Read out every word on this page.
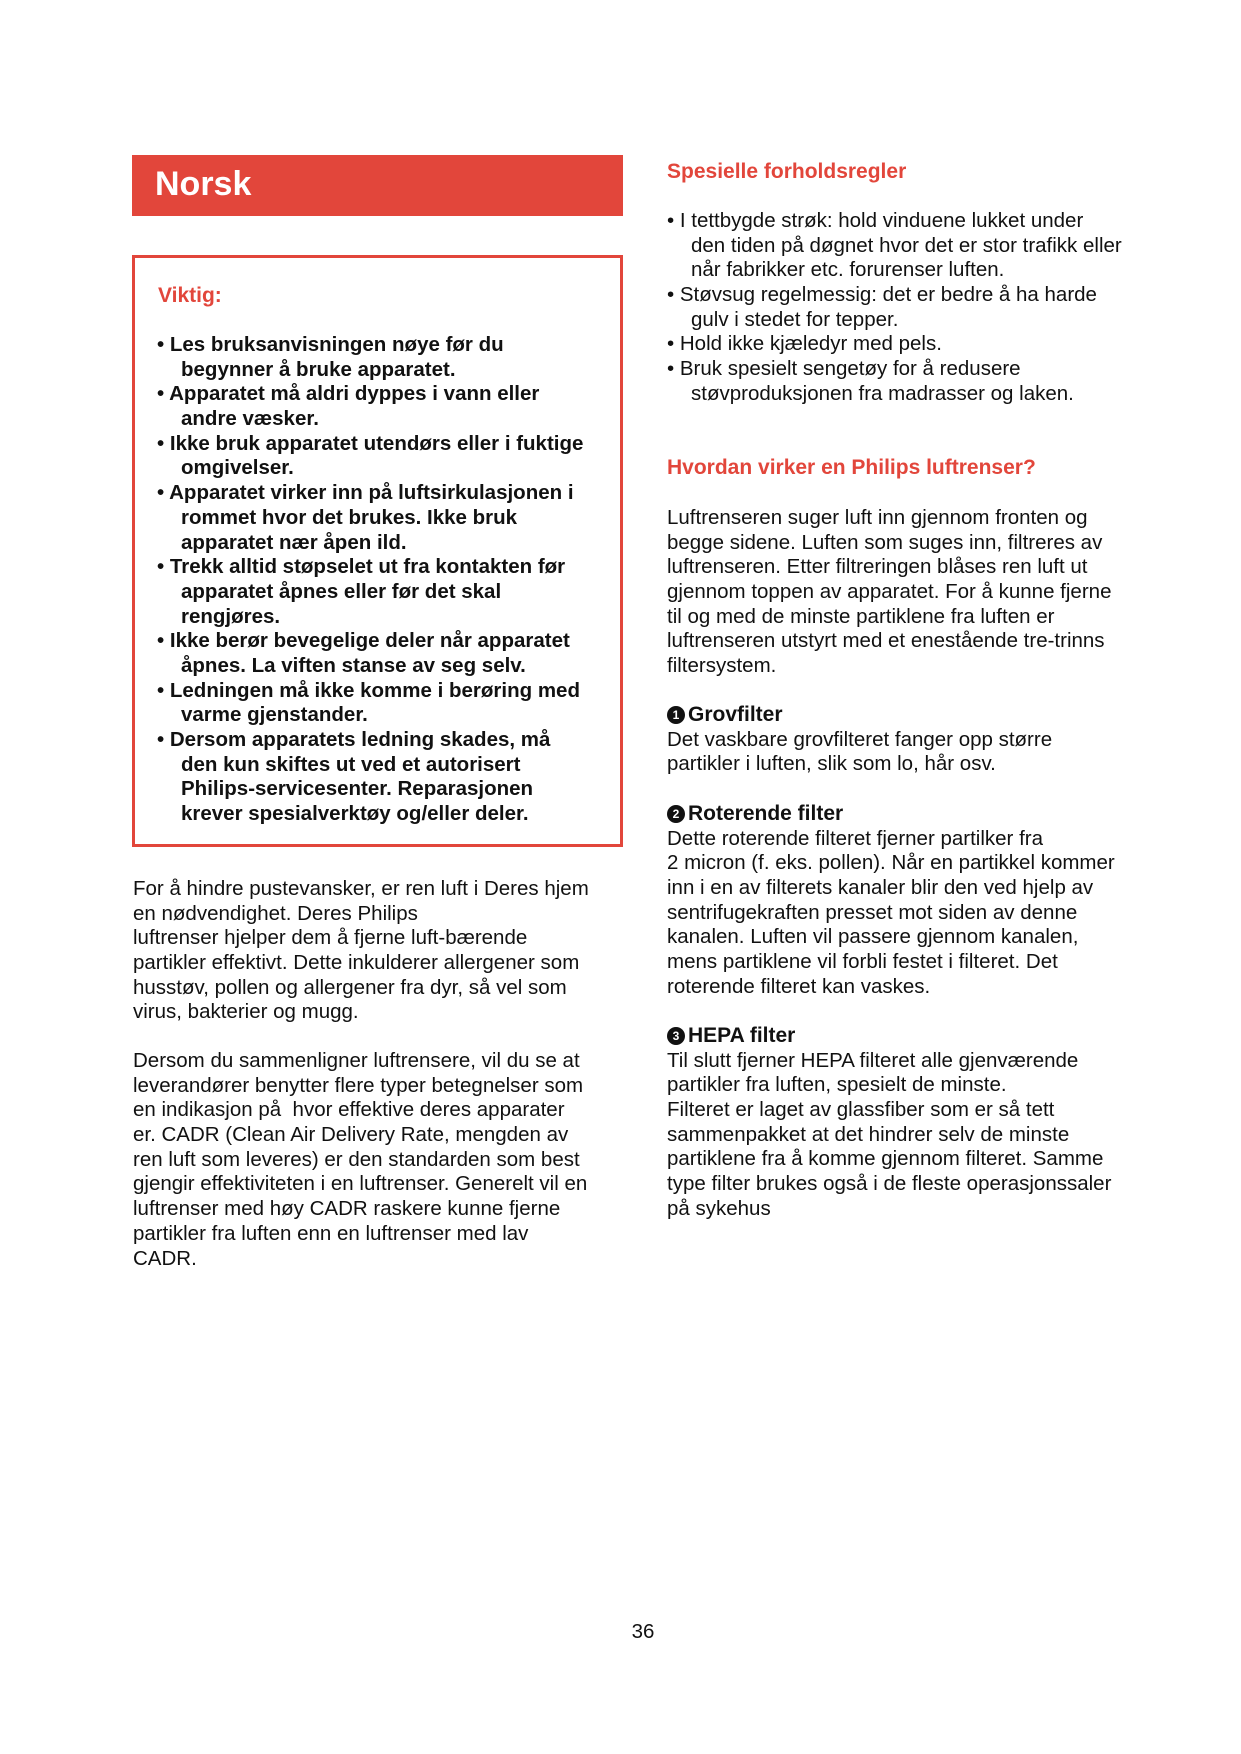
Norsk
Viktig:
• Les bruksanvisningen nøye før du
begynner å bruke apparatet.
• Apparatet må aldri dyppes i vann eller
andre væsker.
• Ikke bruk apparatet utendørs eller i fuktige
omgivelser.
• Apparatet virker inn på luftsirkulasjonen i
rommet hvor det brukes. Ikke bruk
apparatet nær åpen ild.
• Trekk alltid støpselet ut fra kontakten før
apparatet åpnes eller før det skal
rengjøres.
• Ikke berør bevegelige deler når apparatet
åpnes. La viften stanse av seg selv.
• Ledningen må ikke komme i berøring med
varme gjenstander.
• Dersom apparatets ledning skades, må
den kun skiftes ut ved et autorisert
Philips-servicesenter. Reparasjonen
krever spesialverktøy og/eller deler.
For å hindre pustevansker, er ren luft i Deres hjem
en nødvendighet. Deres Philips
luftrenser hjelper dem å fjerne luft-bærende
partikler effektivt. Dette inkulderer allergener som
husstøv, pollen og allergener fra dyr, så vel som
virus, bakterier og mugg.
Dersom du sammenligner luftrensere, vil du se at
leverandører benytter flere typer betegnelser som
en indikasjon på  hvor effektive deres apparater
er. CADR (Clean Air Delivery Rate, mengden av
ren luft som leveres) er den standarden som best
gjengir effektiviteten i en luftrenser. Generelt vil en
luftrenser med høy CADR raskere kunne fjerne
partikler fra luften enn en luftrenser med lav
CADR.
Spesielle forholdsregler
• I tettbygde strøk: hold vinduene lukket under
den tiden på døgnet hvor det er stor trafikk eller
når fabrikker etc. forurenser luften.
• Støvsug regelmessig: det er bedre å ha harde
gulv i stedet for tepper.
• Hold ikke kjæledyr med pels.
• Bruk spesielt sengetøy for å redusere
støvproduksjonen fra madrasser og laken.
Hvordan virker en Philips luftrenser?
Luftrenseren suger luft inn gjennom fronten og
begge sidene. Luften som suges inn, filtreres av
luftrenseren. Etter filtreringen blåses ren luft ut
gjennom toppen av apparatet. For å kunne fjerne
til og med de minste partiklene fra luften er
luftrenseren utstyrt med et enestående tre-trinns
filtersystem.
1 Grovfilter
Det vaskbare grovfilteret fanger opp større
partikler i luften, slik som lo, hår osv.
2 Roterende filter
Dette roterende filteret fjerner partilker fra
2 micron (f. eks. pollen). Når en partikkel kommer
inn i en av filterets kanaler blir den ved hjelp av
sentrifugekraften presset mot siden av denne
kanalen. Luften vil passere gjennom kanalen,
mens partiklene vil forbli festet i filteret. Det
roterende filteret kan vaskes.
3 HEPA filter
Til slutt fjerner HEPA filteret alle gjenværende
partikler fra luften, spesielt de minste.
Filteret er laget av glassfiber som er så tett
sammenpakket at det hindrer selv de minste
partiklene fra å komme gjennom filteret. Samme
type filter brukes også i de fleste operasjonssaler
på sykehus
36
